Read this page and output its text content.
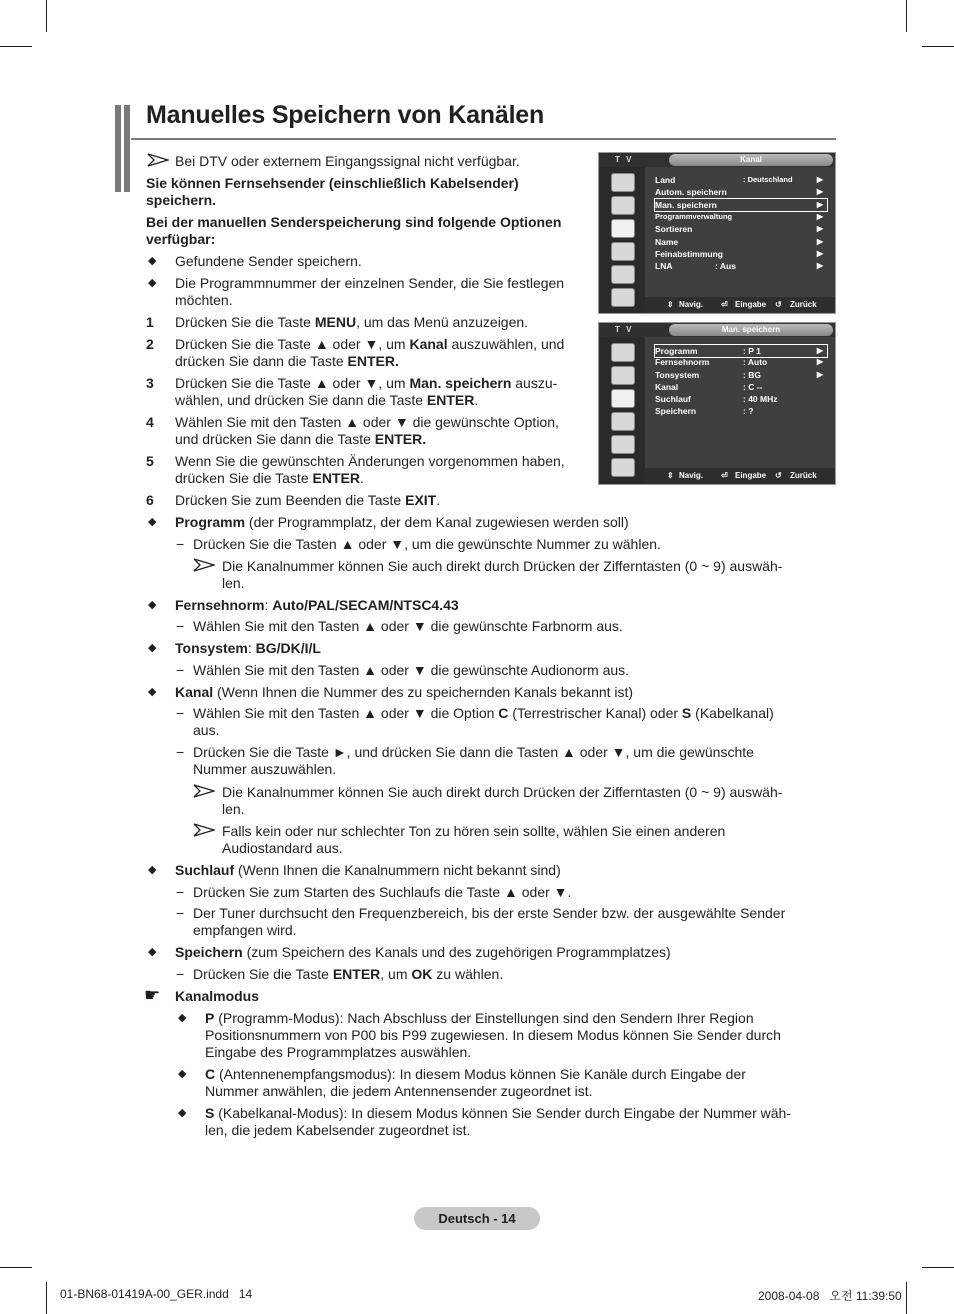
Manuelles Speichern von Kanälen
Bei DTV oder externem Eingangssignal nicht verfügbar.
Sie können Fernsehsender (einschließlich Kabelsender)
speichern.
Bei der manuellen Senderspeicherung sind folgende Optionen
verfügbar:
◆ Gefundene Sender speichern.
◆ Die Programmnummer der einzelnen Sender, die Sie festlegen
möchten.
1 Drücken Sie die Taste MENU, um das Menü anzuzeigen.
2 Drücken Sie die Taste ▲ oder ▼, um Kanal auszuwählen, und
drücken Sie dann die Taste ENTER.
3 Drücken Sie die Taste ▲ oder ▼, um Man. speichern auszu-
wählen, und drücken Sie dann die Taste ENTER.
4 Wählen Sie mit den Tasten ▲ oder ▼ die gewünschte Option,
und drücken Sie dann die Taste ENTER.
5 Wenn Sie die gewünschten Änderungen vorgenommen haben,
drücken Sie die Taste ENTER.
6 Drücken Sie zum Beenden die Taste EXIT.
◆ Programm (der Programmplatz, der dem Kanal zugewiesen werden soll)
− Drücken Sie die Tasten ▲ oder ▼, um die gewünschte Nummer zu wählen.
Die Kanalnummer können Sie auch direkt durch Drücken der Zifferntasten (0 ~ 9) auswäh-
len.
◆ Fernsehnorm: Auto/PAL/SECAM/NTSC4.43
− Wählen Sie mit den Tasten ▲ oder ▼ die gewünschte Farbnorm aus.
◆ Tonsystem: BG/DK/I/L
− Wählen Sie mit den Tasten ▲ oder ▼ die gewünschte Audionorm aus.
◆ Kanal (Wenn Ihnen die Nummer des zu speichernden Kanals bekannt ist)
− Wählen Sie mit den Tasten ▲ oder ▼ die Option C (Terrestrischer Kanal) oder S (Kabelkanal)
aus.
− Drücken Sie die Taste ►, und drücken Sie dann die Tasten ▲ oder ▼, um die gewünschte
Nummer auszuwählen.
Die Kanalnummer können Sie auch direkt durch Drücken der Zifferntasten (0 ~ 9) auswäh-
len.
Falls kein oder nur schlechter Ton zu hören sein sollte, wählen Sie einen anderen
Audiostandard aus.
◆ Suchlauf (Wenn Ihnen die Kanalnummern nicht bekannt sind)
− Drücken Sie zum Starten des Suchlaufs die Taste ▲ oder ▼.
− Der Tuner durchsucht den Frequenzbereich, bis der erste Sender bzw. der ausgewählte Sender
empfangen wird.
◆ Speichern (zum Speichern des Kanals und des zugehörigen Programmplatzes)
− Drücken Sie die Taste ENTER, um OK zu wählen.
☛ Kanalmodus
◆ P (Programm-Modus): Nach Abschluss der Einstellungen sind den Sendern Ihrer Region
Positionsnummern von P00 bis P99 zugewiesen. In diesem Modus können Sie Sender durch
Eingabe des Programmplatzes auswählen.
◆ C (Antennenempfangsmodus): In diesem Modus können Sie Kanäle durch Eingabe der
Nummer anwählen, die jedem Antennensender zugeordnet ist.
◆ S (Kabelkanal-Modus): In diesem Modus können Sie Sender durch Eingabe der Nummer wäh-
len, die jedem Kabelsender zugeordnet ist.
T V	Kanal
Land	: Deutschland	▶
Autom. speichern	▶
Man. speichern	▶
Programmverwaltung	▶
Sortieren	▶
Name	▶
Feinabstimmung	▶
LNA	: Aus	▶
⇕ Navig. ⏎ Eingabe ↺ Zurück
T V	Man. speichern
Programm	: P 1	▶
Fernsehnorm	: Auto	▶
Tonsystem	: BG	▶
Kanal	: C --
Suchlauf	: 40 MHz
Speichern	: ?
⇕ Navig. ⏎ Eingabe ↺ Zurück
Deutsch - 14
01-BN68-01419A-00_GER.indd   14	2008-04-08   오전 11:39:50
